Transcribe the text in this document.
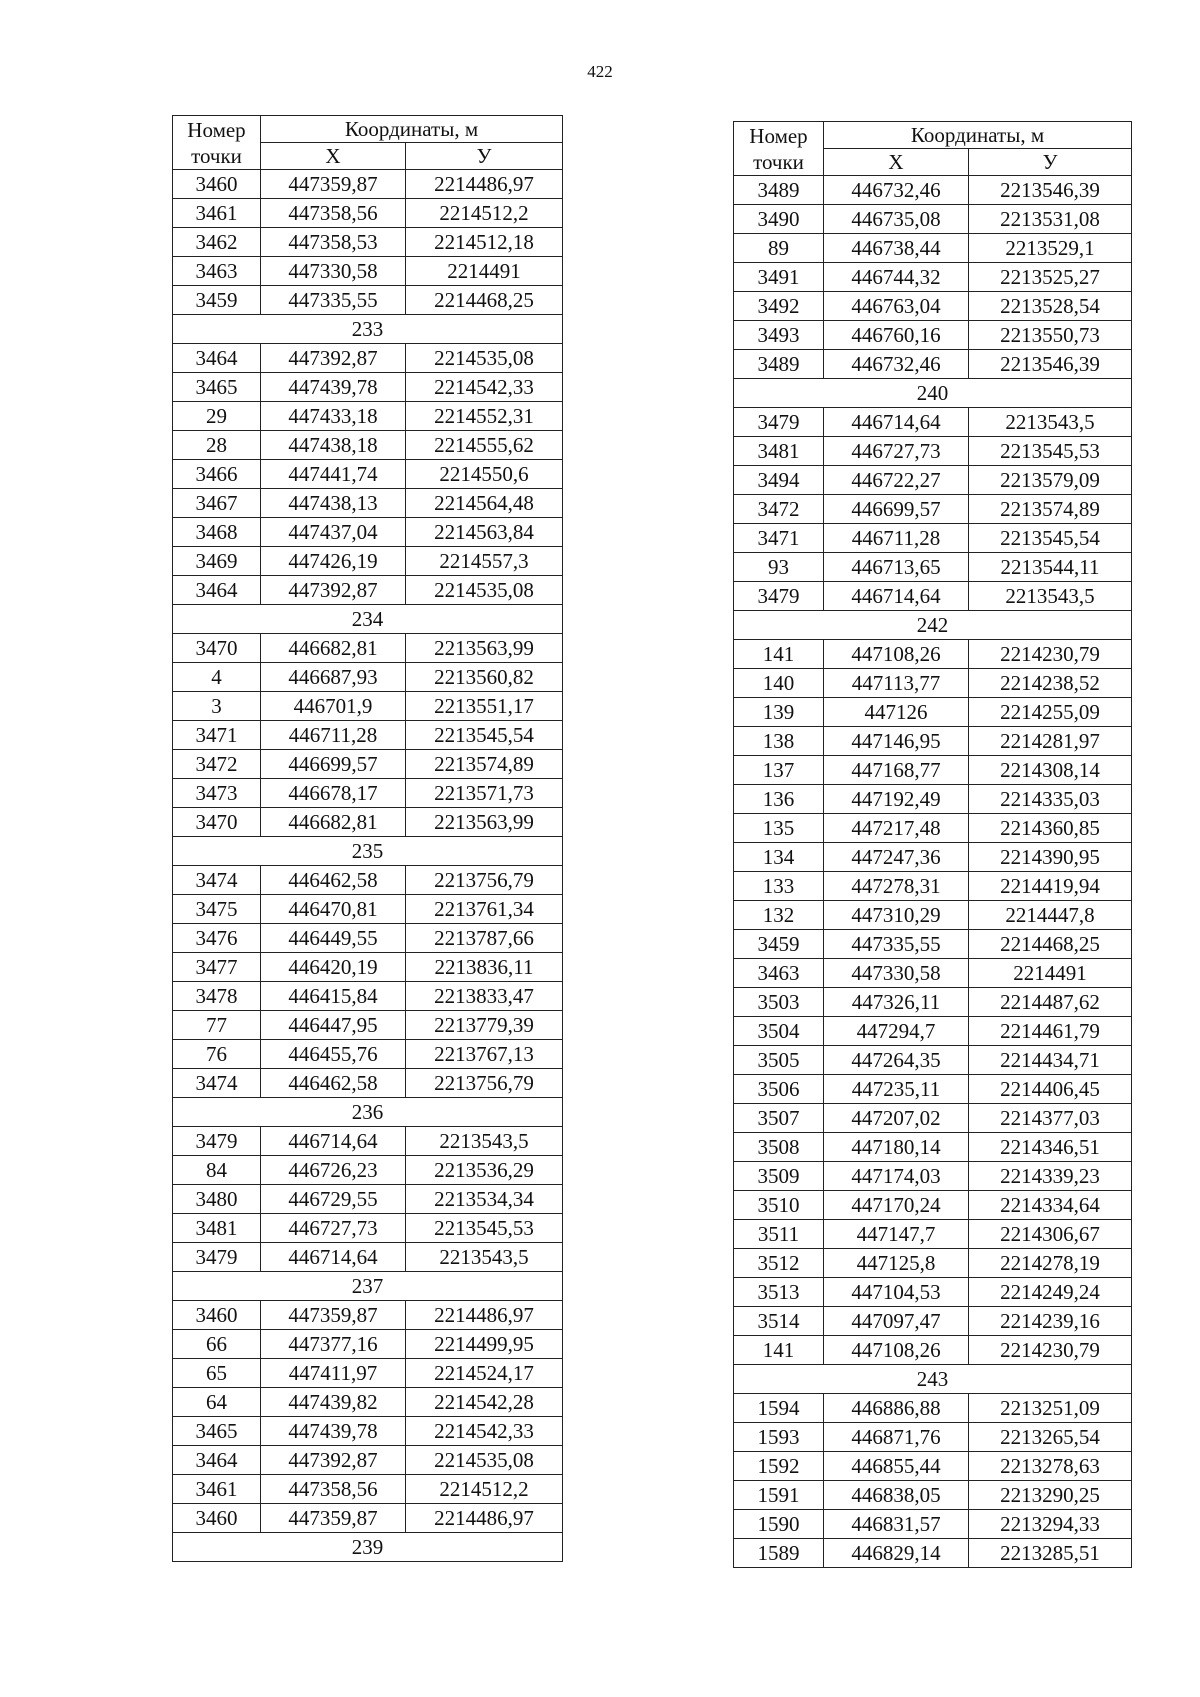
422
Номер
точки	Координаты, м	
	X	У
3460	447359,87	2214486,97
3461	447358,56	2214512,2
3462	447358,53	2214512,18
3463	447330,58	2214491
3459	447335,55	2214468,25
233		
3464	447392,87	2214535,08
3465	447439,78	2214542,33
29	447433,18	2214552,31
28	447438,18	2214555,62
3466	447441,74	2214550,6
3467	447438,13	2214564,48
3468	447437,04	2214563,84
3469	447426,19	2214557,3
3464	447392,87	2214535,08
234		
3470	446682,81	2213563,99
4	446687,93	2213560,82
3	446701,9	2213551,17
3471	446711,28	2213545,54
3472	446699,57	2213574,89
3473	446678,17	2213571,73
3470	446682,81	2213563,99
235		
3474	446462,58	2213756,79
3475	446470,81	2213761,34
3476	446449,55	2213787,66
3477	446420,19	2213836,11
3478	446415,84	2213833,47
77	446447,95	2213779,39
76	446455,76	2213767,13
3474	446462,58	2213756,79
236		
3479	446714,64	2213543,5
84	446726,23	2213536,29
3480	446729,55	2213534,34
3481	446727,73	2213545,53
3479	446714,64	2213543,5
237		
3460	447359,87	2214486,97
66	447377,16	2214499,95
65	447411,97	2214524,17
64	447439,82	2214542,28
3465	447439,78	2214542,33
3464	447392,87	2214535,08
3461	447358,56	2214512,2
3460	447359,87	2214486,97
239		
Номер
точки	Координаты, м	
	X	У
3489	446732,46	2213546,39
3490	446735,08	2213531,08
89	446738,44	2213529,1
3491	446744,32	2213525,27
3492	446763,04	2213528,54
3493	446760,16	2213550,73
3489	446732,46	2213546,39
240		
3479	446714,64	2213543,5
3481	446727,73	2213545,53
3494	446722,27	2213579,09
3472	446699,57	2213574,89
3471	446711,28	2213545,54
93	446713,65	2213544,11
3479	446714,64	2213543,5
242		
141	447108,26	2214230,79
140	447113,77	2214238,52
139	447126	2214255,09
138	447146,95	2214281,97
137	447168,77	2214308,14
136	447192,49	2214335,03
135	447217,48	2214360,85
134	447247,36	2214390,95
133	447278,31	2214419,94
132	447310,29	2214447,8
3459	447335,55	2214468,25
3463	447330,58	2214491
3503	447326,11	2214487,62
3504	447294,7	2214461,79
3505	447264,35	2214434,71
3506	447235,11	2214406,45
3507	447207,02	2214377,03
3508	447180,14	2214346,51
3509	447174,03	2214339,23
3510	447170,24	2214334,64
3511	447147,7	2214306,67
3512	447125,8	2214278,19
3513	447104,53	2214249,24
3514	447097,47	2214239,16
141	447108,26	2214230,79
243		
1594	446886,88	2213251,09
1593	446871,76	2213265,54
1592	446855,44	2213278,63
1591	446838,05	2213290,25
1590	446831,57	2213294,33
1589	446829,14	2213285,51
